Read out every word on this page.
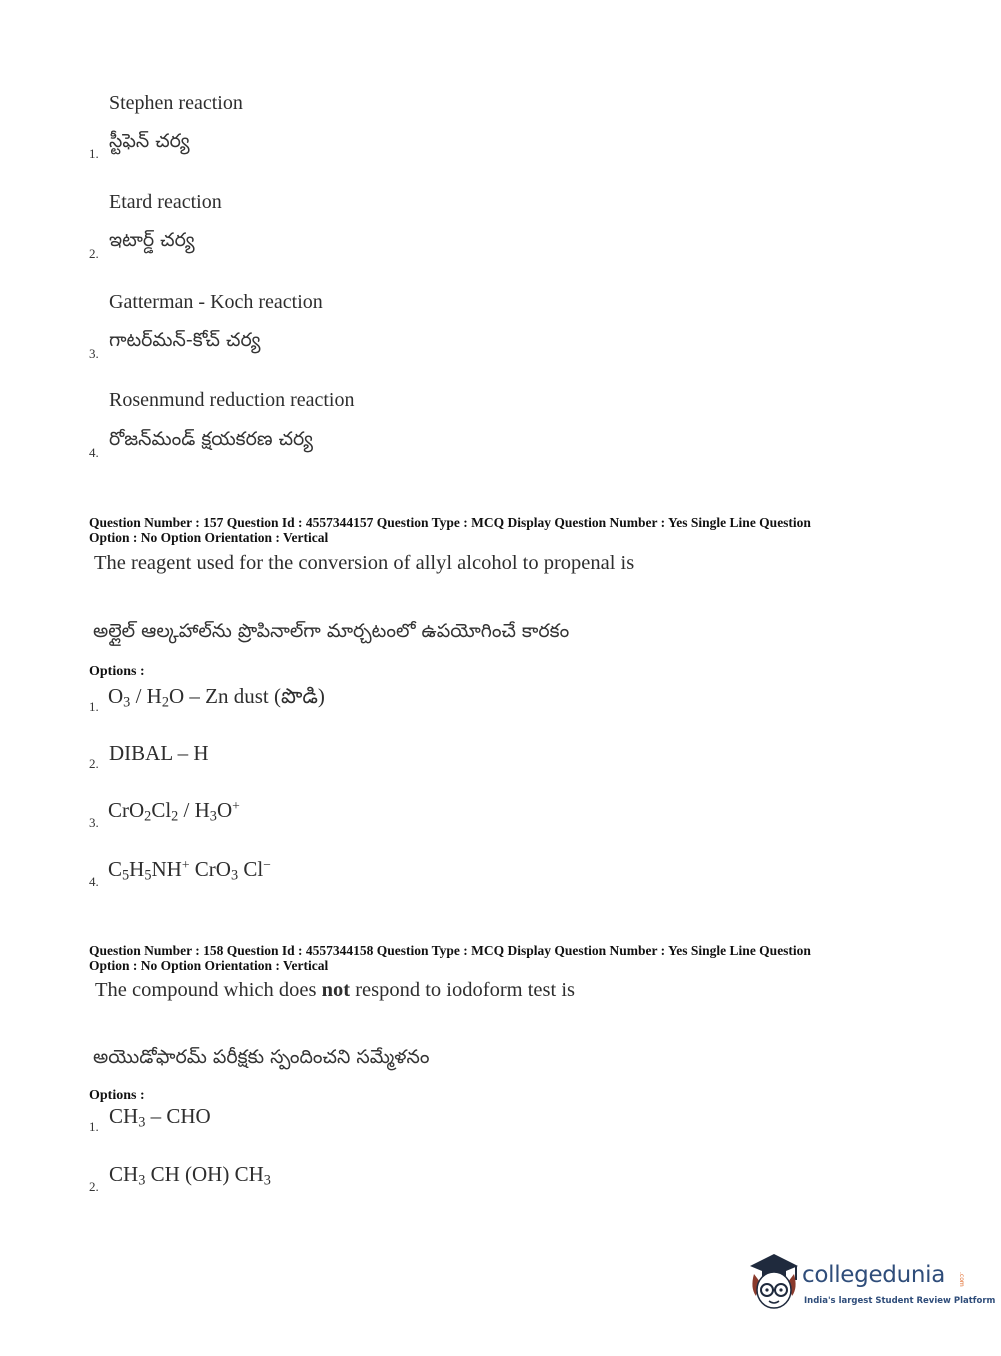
Stephen reaction
1.
స్టీఫెన్ చర్య
Etard reaction
2.
ఇటార్డ్ చర్య
Gatterman - Koch reaction
3.
గాటర్‌మన్-కోచ్ చర్య
Rosenmund reduction reaction
4.
రోజన్‌మండ్ క్షయకరణ చర్య
Question Number : 157 Question Id : 4557344157 Question Type : MCQ Display Question Number : Yes Single Line Question
Option : No Option Orientation : Vertical
The reagent used for the conversion of allyl alcohol to propenal is
అల్లైల్ ఆల్కహాల్‌ను ప్రొపినాల్‌గా మార్చటంలో ఉపయోగించే కారకం
Options :
1. $O_3 / H_2O$ – Zn dust (పొడి)
2. DIBAL – H
3.
$CrO_2Cl_2 / H_3O^+$
4.
$C_5H_5NH^+$ CrO$_3$ Cl−
Question Number : 158 Question Id : 4557344158 Question Type : MCQ Display Question Number : Yes Single Line Question
Option : No Option Orientation : Vertical
The compound which does not respond to iodoform test is
అయొడోఫారమ్ పరీక్షకు స్పందించని సమ్మేళనం
Options :
1. $CH_3$ – CHO
2.
$CH_3$ CH (OH) $CH_3$
collegedunia .com
India's largest Student Review Platform
